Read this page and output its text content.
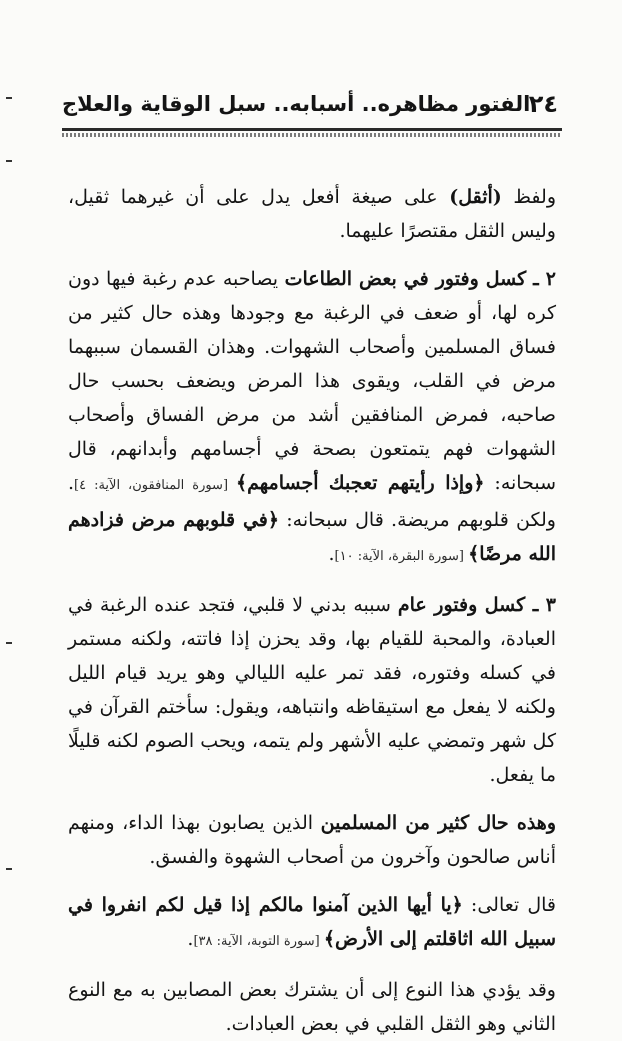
٢٤
الفتور مظاهره.. أسبابه.. سبل الوقاية والعلاج

ولفظ (أثقل) على صيغة أفعل يدل على أن غيرهما ثقيل، وليس الثقل مقتصرًا عليهما.

٢ ـ كسل وفتور في بعض الطاعات يصاحبه عدم رغبة فيها دون كره لها، أو ضعف في الرغبة مع وجودها وهذه حال كثير من فساق المسلمين وأصحاب الشهوات. وهذان القسمان سببهما مرض في القلب، ويقوى هذا المرض ويضعف بحسب حال صاحبه، فمرض المنافقين أشد من مرض الفساق وأصحاب الشهوات فهم يتمتعون بصحة في أجسامهم وأبدانهم، قال سبحانه: ﴿وإذا رأيتهم تعجبك أجسامهم﴾ [سورة المنافقون، الآية: ٤]. ولكن قلوبهم مريضة. قال سبحانه: ﴿في قلوبهم مرض فزادهم الله مرضًا﴾ [سورة البقرة، الآية: ١٠].

٣ ـ كسل وفتور عام سببه بدني لا قلبي، فتجد عنده الرغبة في العبادة، والمحبة للقيام بها، وقد يحزن إذا فاتته، ولكنه مستمر في كسله وفتوره، فقد تمر عليه الليالي وهو يريد قيام الليل ولكنه لا يفعل مع استيقاظه وانتباهه، ويقول: سأختم القرآن في كل شهر وتمضي عليه الأشهر ولم يتمه، ويحب الصوم لكنه قليلًا ما يفعل.

وهذه حال كثير من المسلمين الذين يصابون بهذا الداء، ومنهم أناس صالحون وآخرون من أصحاب الشهوة والفسق.

قال تعالى: ﴿يا أيها الذين آمنوا مالكم إذا قيل لكم انفروا في سبيل الله اثاقلتم إلى الأرض﴾ [سورة التوبة، الآية: ٣٨].

وقد يؤدي هذا النوع إلى أن يشترك بعض المصابين به مع النوع الثاني وهو الثقل القلبي في بعض العبادات.
